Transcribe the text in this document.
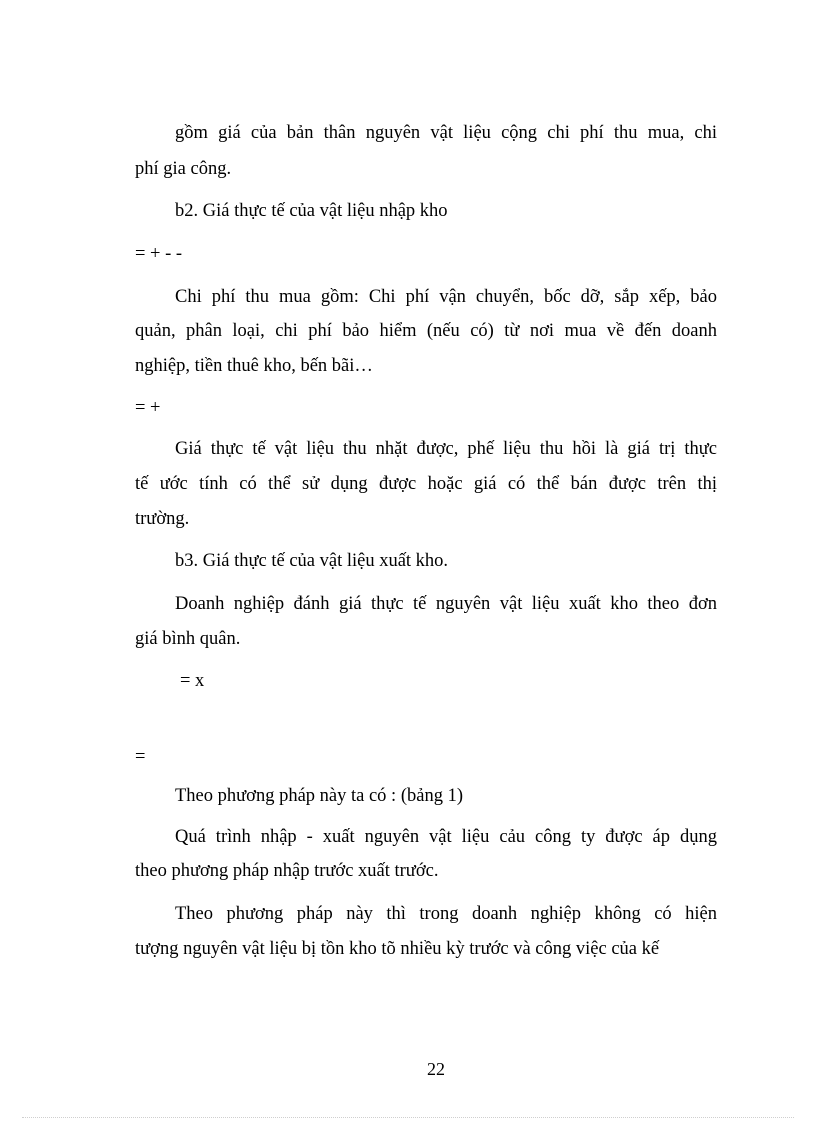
gồm giá của bản thân nguyên vật liệu cộng chi phí thu mua, chi
phí gia công.
b2. Giá thực tế của vật liệu nhập kho
= + - -
Chi phí thu mua gồm: Chi phí vận chuyển, bốc dỡ, sắp xếp, bảo
quản, phân loại, chi phí bảo hiểm (nếu có) từ nơi mua về đến doanh
nghiệp, tiền thuê kho, bến bãi…
= +
Giá thực tế vật liệu thu nhặt được, phế liệu thu hồi là giá trị thực
tế ước tính có thể sử dụng được hoặc giá có thể bán được trên thị
trường.
b3. Giá thực tế của vật liệu xuất kho.
Doanh nghiệp đánh giá thực tế nguyên vật liệu xuất kho theo đơn
giá bình quân.
= x
=
Theo phương pháp này ta có : (bảng 1)
Quá trình nhập - xuất nguyên vật liệu cảu công ty được áp dụng
theo phương pháp nhập trước xuất trước.
Theo phương pháp này thì trong doanh nghiệp không có hiện
tượng nguyên vật liệu bị tồn kho tõ nhiều kỳ trước và công việc của kế
22
